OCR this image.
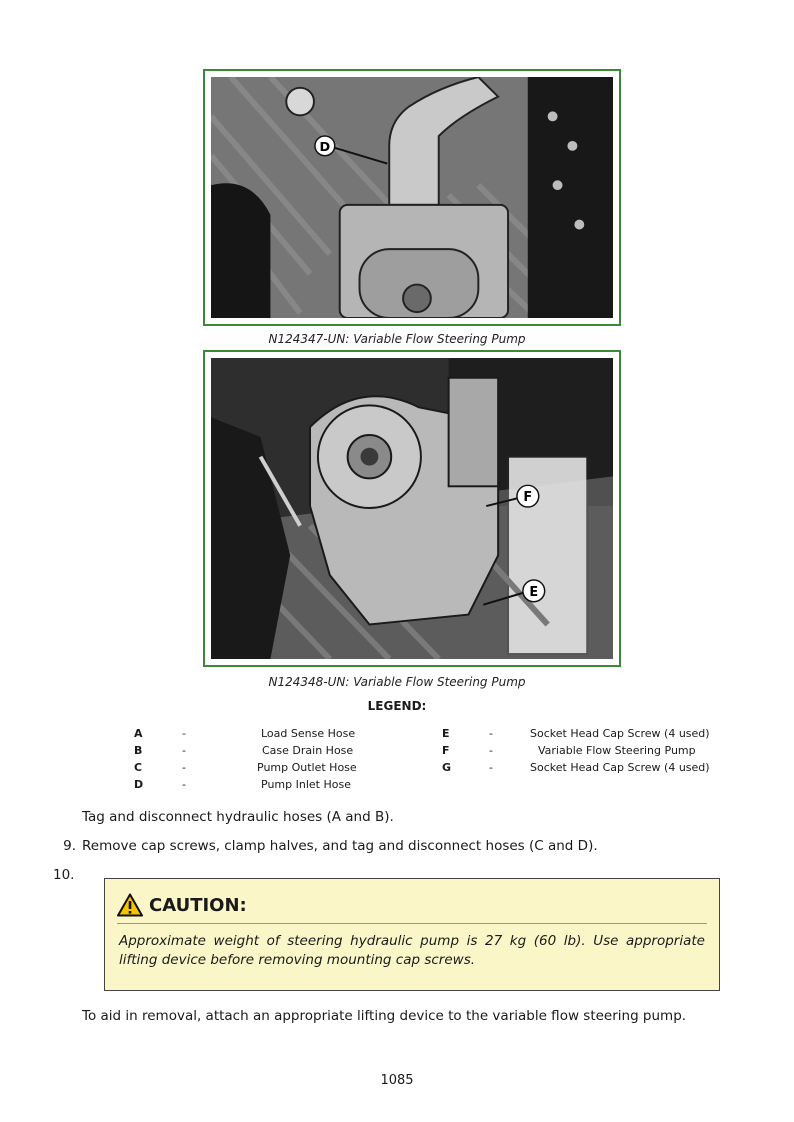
D
N124347-UN: Variable Flow Steering Pump
F
E
N124348-UN: Variable Flow Steering Pump
LEGEND:
A	-	Load Sense Hose
B	-	Case Drain Hose
C	-	Pump Outlet Hose
D	-	Pump Inlet Hose
E	-	Socket Head Cap Screw (4 used)
F	-	Variable Flow Steering Pump
G	-	Socket Head Cap Screw (4 used)
Tag and disconnect hydraulic hoses (A and B).
9. Remove cap screws, clamp halves, and tag and disconnect hoses (C and D).
10.
CAUTION:
Approximate weight of steering hydraulic pump is 27 kg (60 lb). Use appropriate lifting device before removing mounting cap screws.
To aid in removal, attach an appropriate lifting device to the variable flow steering pump.
1085
